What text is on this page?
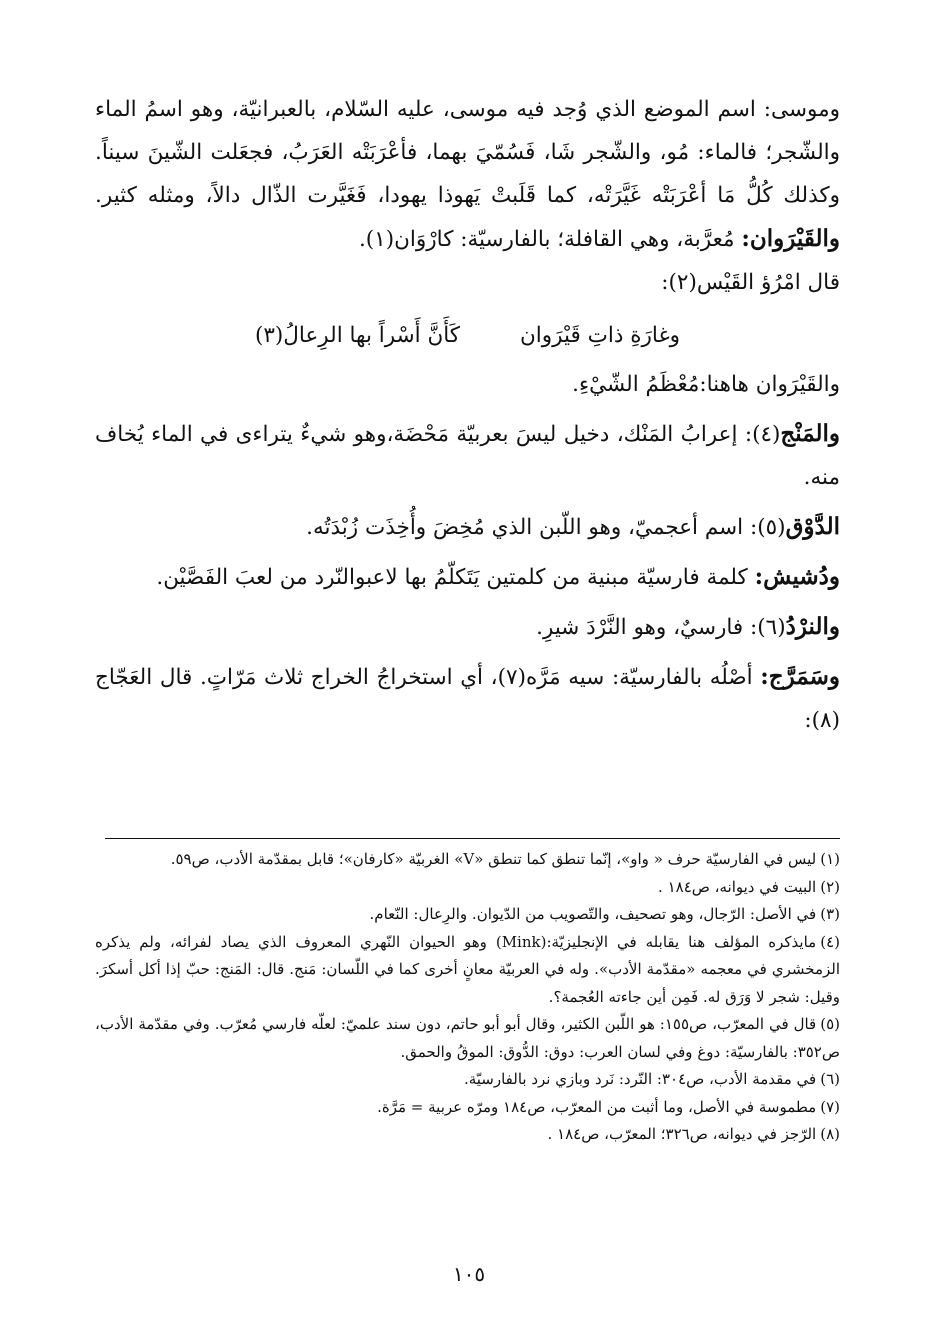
وموسى: اسم الموضع الذي وُجد فيه موسى، عليه السّلام، بالعبرانيّة، وهو اسمُ الماء والشّجر؛ فالماء: مُو، والشّجر شَا، فَسُمّيَ بهما، فأعْرَبَتْه العَرَبُ، فجعَلت الشّينَ سيناً. وكذلك كُلُّ مَا أعْرَبَتْه غَيَّرَتْه، كما قَلَبتْ يَهوذا يهودا، فَغَيَّرت الذّال دالاً، ومثله كثير. والقَيْرَوان: مُعرَّبة، وهي القافلة؛ بالفارسيّة: كارْوَان(١).

قال امْرُؤ القَيْس(٢):

وغارَةِ ذاتِ قَيْرَوان
كَأَنَّ أَسْراً بها الرِعالُ(٣)

والقَيْرَوان هاهنا:مُعْظَمُ الشّيْءِ.

والمَنْج(٤): إعرابُ المَنْك، دخيل ليسَ بعربيّة مَحْضَة،وهو شيءٌ يتراءى في الماء يُخاف منه.

الدَّوْق(٥): اسم أعجميّ، وهو اللّبن الذي مُخِضَ وأُخِذَت زُبْدَتُه.

ودُشيش: كلمة فارسيّة مبنية من كلمتين يَتَكلّمُ بها لاعبوالنّرد من لعبَ الفَصَّيْن.

والنرْدُ(٦): فارسيٌ، وهو النَّرْدَ شيرِ.

وسَمَرَّج: أصْلُه بالفارسيّة: سيه مَرَّه(٧)، أي استخراجُ الخراج ثلاث مَرّاتٍ. قال العَجّاج (٨):

(١)ليس في الفارسيّة حرف « واو»، إنّما تنطق كما تنطق «V» الغربيّة «كارفان»؛ قابل بمقدّمة الأدب، ص٥٩.

(٢)البيت في ديوانه، ص١٨٤ .

(٣)في الأصل: الرّجال، وهو تصحيف، والتّصويب من الدّيوان. والرِعال: النّعام.

(٤)مايذكره المؤلف هنا يقابله في الإنجليزيّة:(Mink) وهو الحيوان النّهري المعروف الذي يصاد لفرائه، ولم يذكره الزمخشري في معجمه «مقدّمة الأدب». وله في العربيّة معانٍ أخرى كما في اللّسان: مَنج. قال: المَنج: حبّ إذا أكل أسكرَ. وقيل: شجر لا وَرَق له. فَمِن أين جاءته العُجمة؟.

(٥)قال في المعرّب، ص١٥٥: هو اللّبن الكثير، وقال أبو أبو حاتم، دون سند علميّ: لعلّه فارسي مُعرّب. وفي مقدّمة الأدب، ص٣٥٢: بالفارسيّة: دوغ وفي لسان العرب: دوق: الدُّوق: الموقُ والحمق.

(٦)في مقدمة الأدب، ص٣٠٤: النّرد: نَرد وبازي نرد بالفارسيّة.

(٧)مطموسة في الأصل، وما أثبت من المعرّب، ص١٨٤ ومرّه عربية = مَرَّة.

(٨)الرّجز في ديوانه، ص٣٢٦؛ المعرّب، ص١٨٤ .

١٠٥
